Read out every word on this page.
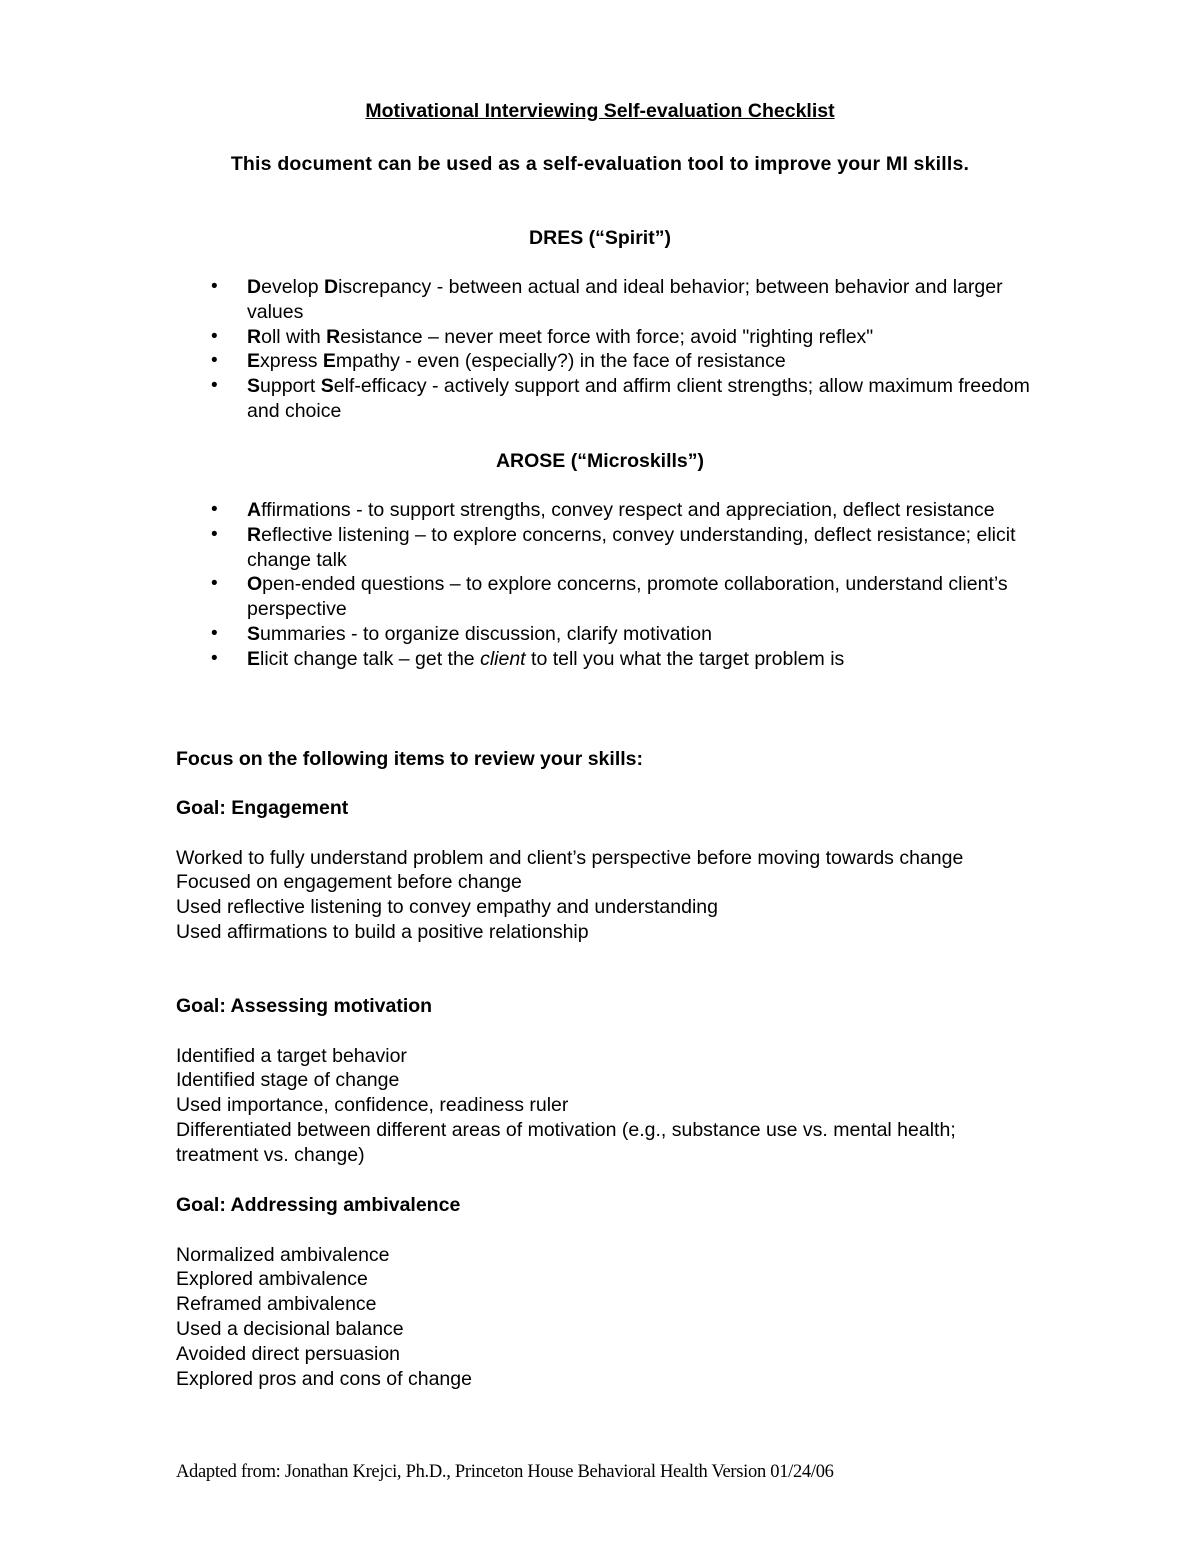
Motivational Interviewing Self-evaluation Checklist
This document can be used as a self-evaluation tool to improve your MI skills.
DRES (“Spirit”)
• Develop Discrepancy - between actual and ideal behavior; between behavior and larger values
• Roll with Resistance – never meet force with force; avoid "righting reflex"
• Express Empathy - even (especially?) in the face of resistance
• Support Self-efficacy - actively support and affirm client strengths; allow maximum freedom and choice
AROSE (“Microskills”)
• Affirmations - to support strengths, convey respect and appreciation, deflect resistance
• Reflective listening – to explore concerns, convey understanding, deflect resistance; elicit change talk
• Open-ended questions – to explore concerns, promote collaboration, understand client’s perspective
• Summaries - to organize discussion, clarify motivation
• Elicit change talk – get the client to tell you what the target problem is
Focus on the following items to review your skills:
Goal: Engagement
Worked to fully understand problem and client’s perspective before moving towards change
Focused on engagement before change
Used reflective listening to convey empathy and understanding
Used affirmations to build a positive relationship
Goal: Assessing motivation
Identified a target behavior
Identified stage of change
Used importance, confidence, readiness ruler
Differentiated between different areas of motivation (e.g., substance use vs. mental health; treatment vs. change)
Goal: Addressing ambivalence
Normalized ambivalence
Explored ambivalence
Reframed ambivalence
Used a decisional balance
Avoided direct persuasion
Explored pros and cons of change
Adapted from: Jonathan Krejci, Ph.D., Princeton House Behavioral Health Version 01/24/06
